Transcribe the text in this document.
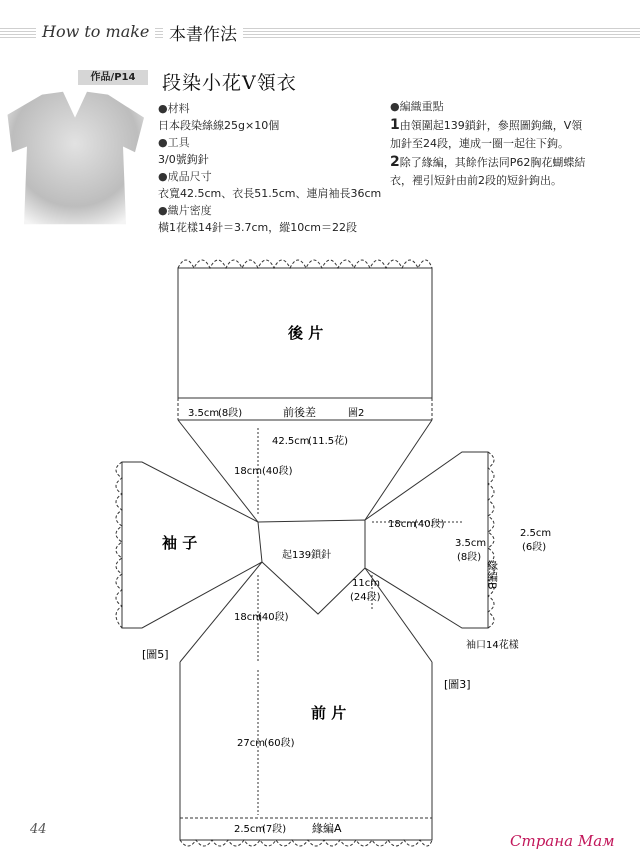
How to make	本書作法
作品/P14	段染小花V領衣
●材料
日本段染絲線25g×10個
●工具
3/0號鉤針
●成品尺寸
衣寬42.5cm、衣長51.5cm、連肩袖長36cm
●織片密度
橫1花樣14針＝3.7cm，縱10cm＝22段
●編織重點
1由領圍起139鎖針，參照圖鉤織，V領
加針至24段，連成一圈一起往下鉤。
2除了緣編，其餘作法同P62胸花蝴蝶結
衣，裡引短針由前2段的短針鉤出。
後 片
前 片
袖 子
3.5cm
(8段)	前後差	圖2
42.5cm
(11.5花)
18cm (40段)
18cm
(40段)
起139鎖針
11cm
(24段)
18cm
(40段)
2.5cm
(6段)
3.5cm
(8段)
緣編B
袖口14花樣
[圖5]
[圖3]
27cm (60段)
2.5cm
(7段) 緣編A
44
Страна Мам
